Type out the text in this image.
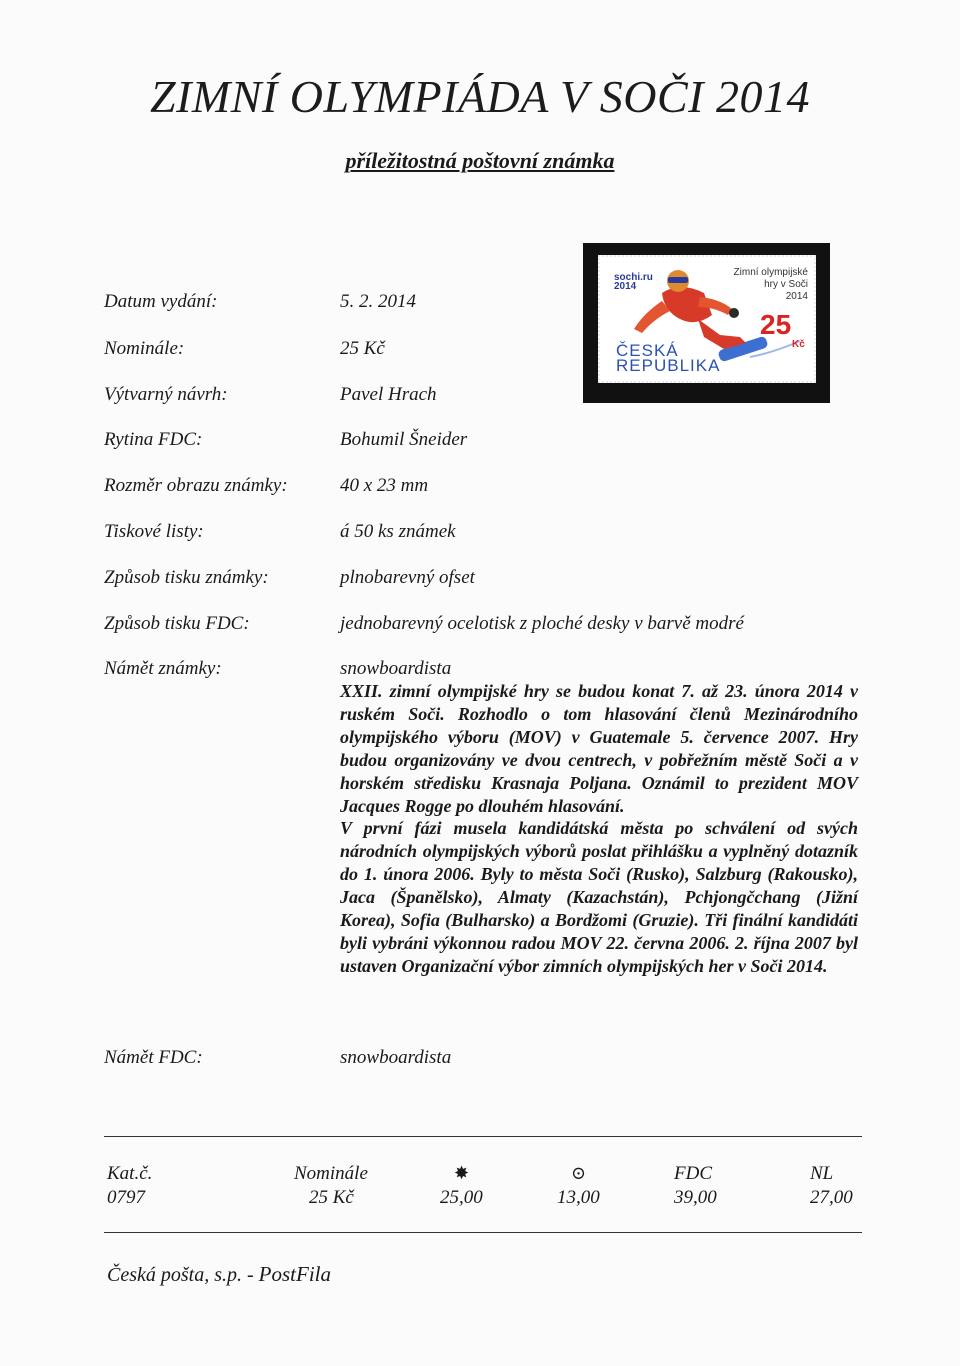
ZIMNÍ OLYMPIÁDA V SOČI 2014
příležitostná poštovní známka
Datum vydání:	5. 2. 2014
Nominále:	25 Kč
Výtvarný návrh:	Pavel Hrach
Rytina FDC:	Bohumil Šneider
Rozměr obrazu známky:	40 x 23 mm
Tiskové listy:	á 50 ks známek
Způsob tisku známky:	plnobarevný ofset
Způsob tisku FDC:	jednobarevný ocelotisk z ploché desky v barvě modré
Námět známky:	snowboardista

XXII. zimní olympijské hry se budou konat 7. až 23. února 2014 v ruském Soči. Rozhodlo o tom hlasování členů Mezinárodního olympijského výboru (MOV) v Guatemale 5. července 2007. Hry budou organizovány ve dvou centrech, v pobřežním městě Soči a v horském středisku Krasnaja Poljana. Oznámil to prezident MOV Jacques Rogge po dlouhém hlasování.

V první fázi musela kandidátská města po schválení od svých národních olympijských výborů poslat přihlášku a vyplněný dotazník do 1. února 2006. Byly to města Soči (Rusko), Salzburg (Rakousko), Jaca (Španělsko), Almaty (Kazachstán), Pchjongčchang (Jižní Korea), Sofia (Bulharsko) a Bordžomi (Gruzie). Tři finální kandidáti byli vybráni výkonnou radou MOV 22. června 2006. 2. října 2007 byl ustaven Organizační výbor zimních olympijských her v Soči 2014.

Námět FDC:	snowboardista
sochi.ru
2014
Zimní olympijské
hry v Soči
2014
25
Kč
ČESKÁ
REPUBLIKA
Kat.č.	Nominále	✸	⊙	FDC	NL
0797	25 Kč	25,00	13,00	39,00	27,00
Česká pošta, s.p. - PostFila
